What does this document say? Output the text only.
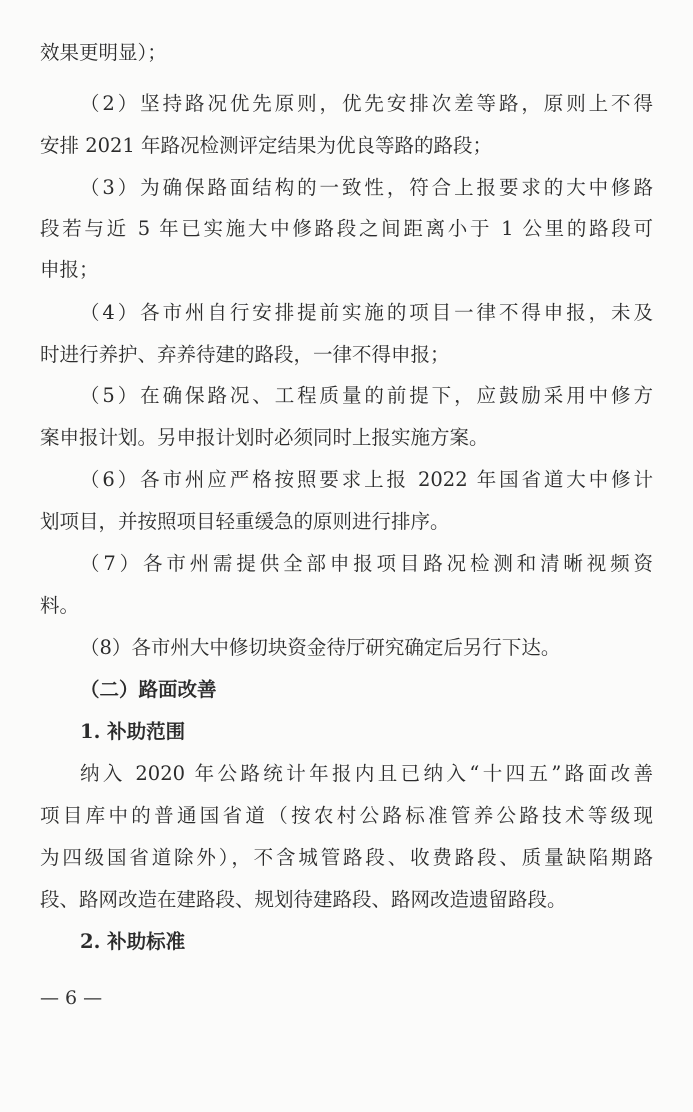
效果更明显）；
（2）坚持路况优先原则，优先安排次差等路，原则上不得
安排 2021 年路况检测评定结果为优良等路的路段；
（3）为确保路面结构的一致性，符合上报要求的大中修路
段若与近 5 年已实施大中修路段之间距离小于 1 公里的路段可
申报；
（4）各市州自行安排提前实施的项目一律不得申报，未及
时进行养护、弃养待建的路段，一律不得申报；
（5）在确保路况、工程质量的前提下，应鼓励采用中修方
案申报计划。另申报计划时必须同时上报实施方案。
（6）各市州应严格按照要求上报 2022 年国省道大中修计
划项目，并按照项目轻重缓急的原则进行排序。
（7）各市州需提供全部申报项目路况检测和清晰视频资
料。
（8）各市州大中修切块资金待厅研究确定后另行下达。
（二）路面改善
1. 补助范围
纳入 2020 年公路统计年报内且已纳入“十四五”路面改善
项目库中的普通国省道（按农村公路标准管养公路技术等级现
为四级国省道除外），不含城管路段、收费路段、质量缺陷期路
段、路网改造在建路段、规划待建路段、路网改造遗留路段。
2. 补助标准
— 6 —
